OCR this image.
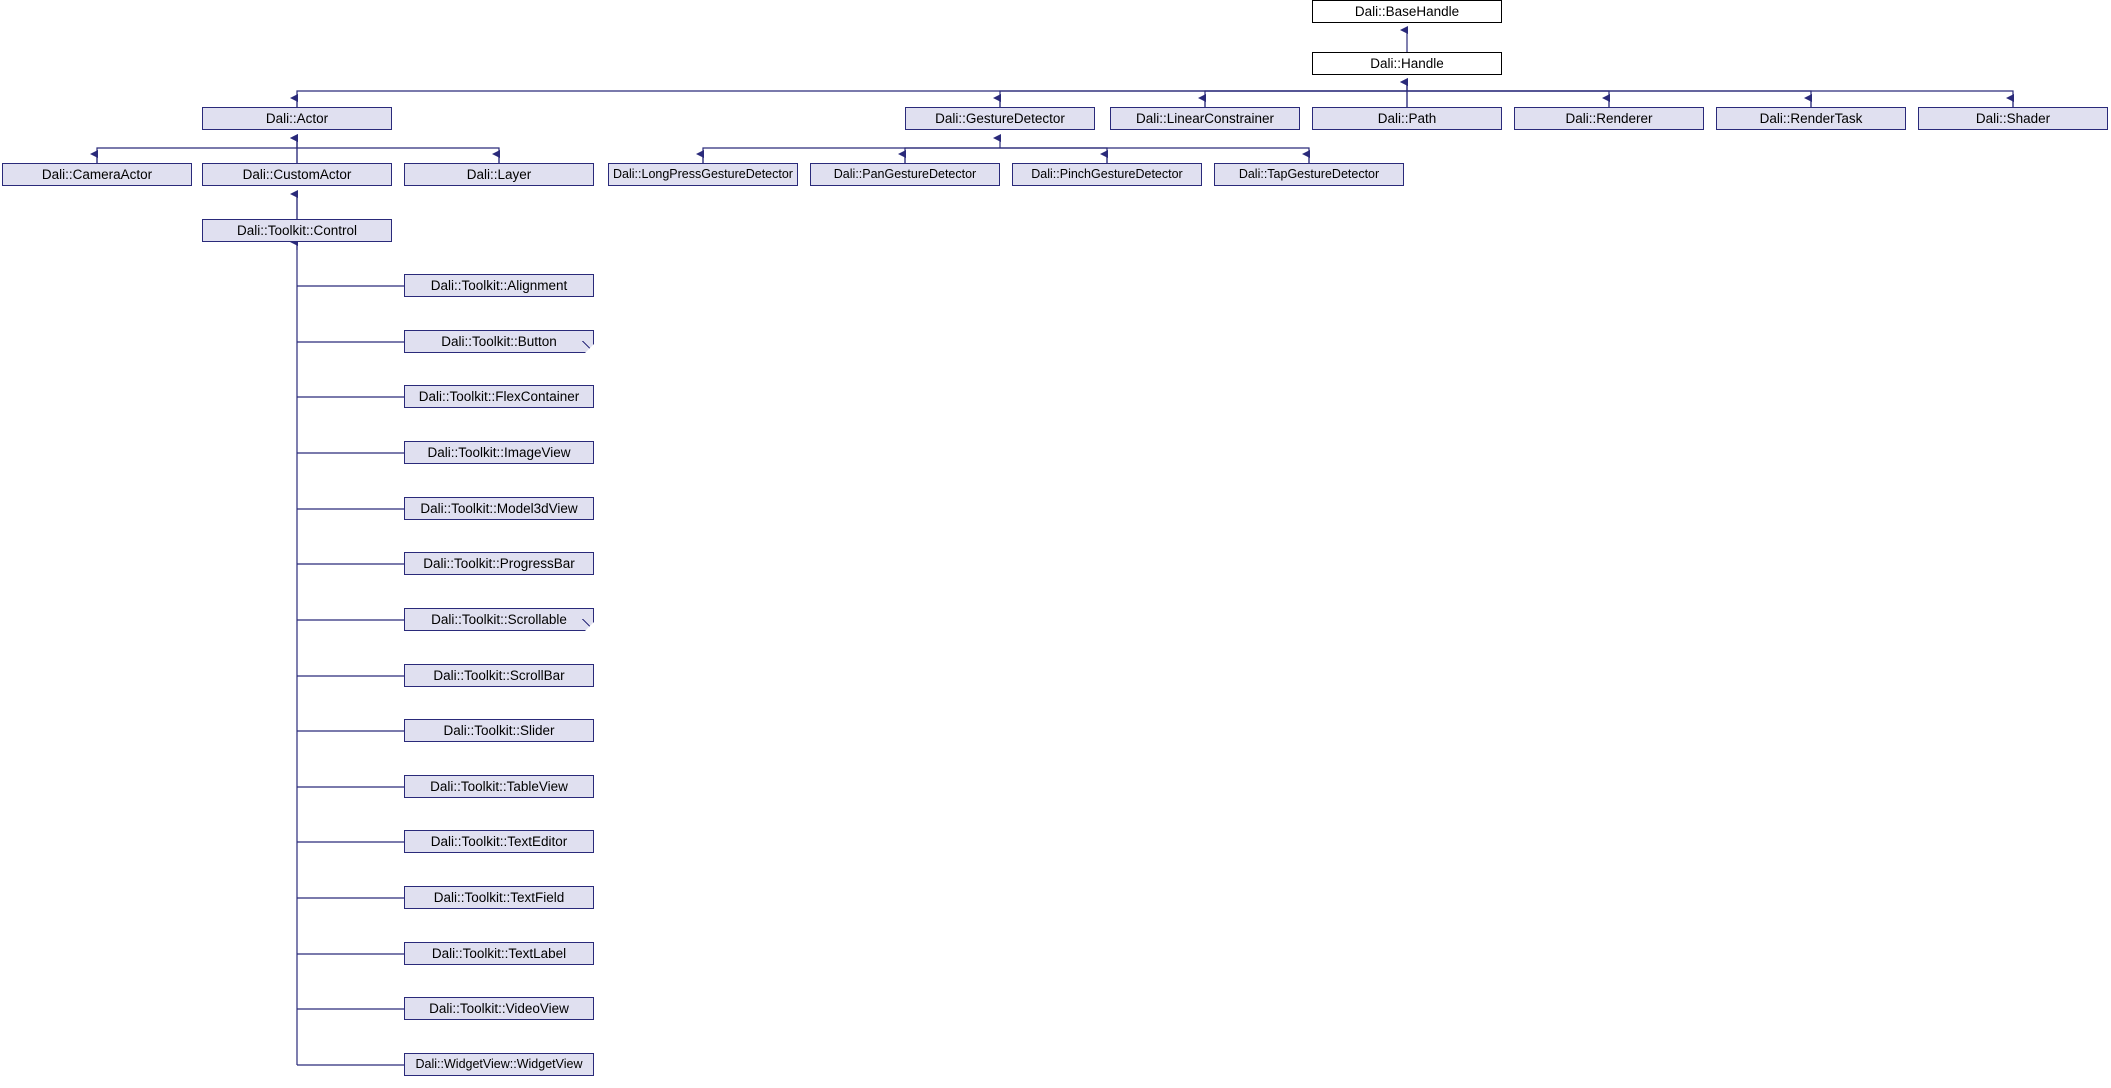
Dali::BaseHandle
Dali::Handle
Dali::Actor	Dali::GestureDetector	Dali::LinearConstrainer	Dali::Path	Dali::Renderer	Dali::RenderTask	Dali::Shader
Dali::CameraActor	Dali::CustomActor	Dali::Layer	Dali::LongPressGestureDetector	Dali::PanGestureDetector	Dali::PinchGestureDetector	Dali::TapGestureDetector
Dali::Toolkit::Control
Dali::Toolkit::Alignment
Dali::Toolkit::Button
Dali::Toolkit::FlexContainer
Dali::Toolkit::ImageView
Dali::Toolkit::Model3dView
Dali::Toolkit::ProgressBar
Dali::Toolkit::Scrollable
Dali::Toolkit::ScrollBar
Dali::Toolkit::Slider
Dali::Toolkit::TableView
Dali::Toolkit::TextEditor
Dali::Toolkit::TextField
Dali::Toolkit::TextLabel
Dali::Toolkit::VideoView
Dali::WidgetView::WidgetView
